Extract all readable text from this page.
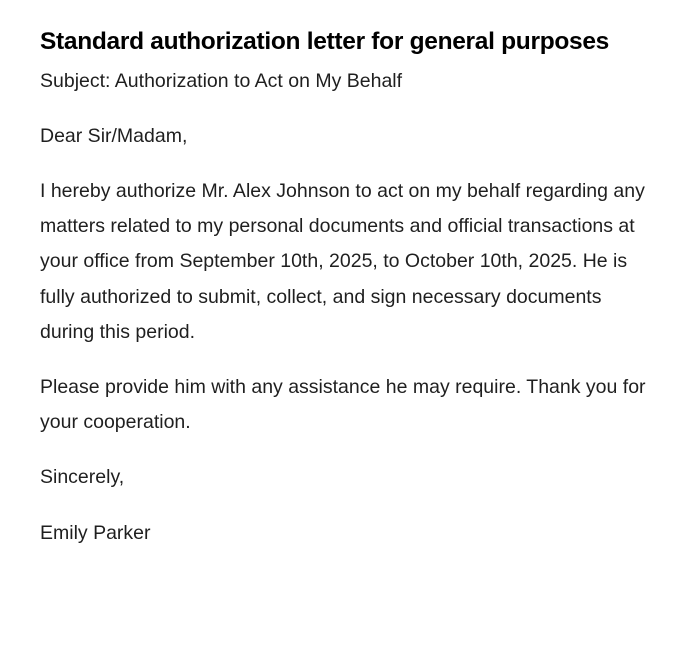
Standard authorization letter for general purposes

Subject: Authorization to Act on My Behalf

Dear Sir/Madam,

I hereby authorize Mr. Alex Johnson to act on my behalf regarding any matters related to my personal documents and official transactions at your office from September 10th, 2025, to October 10th, 2025. He is fully authorized to submit, collect, and sign necessary documents during this period.

Please provide him with any assistance he may require. Thank you for your cooperation.

Sincerely,

Emily Parker
